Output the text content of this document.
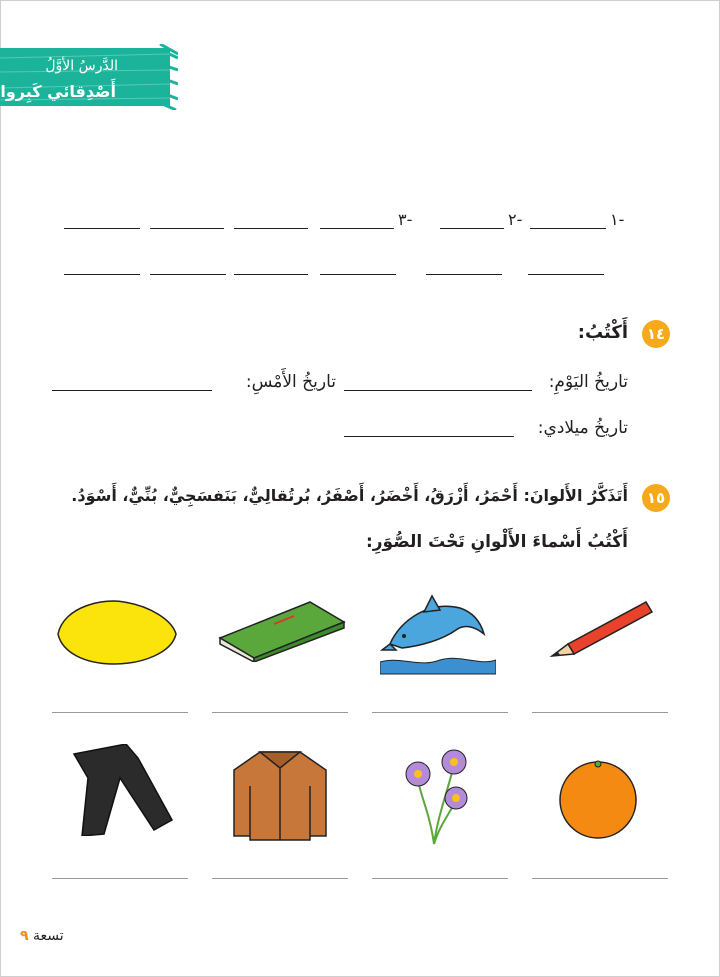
الدَّرسُ الأوَّلُ
أَصْدِقائي كَبِروا
١-
٢-
٣-
١٤
أَكْتُبُ:
تاريخُ اليَوْمِ:
تاريخُ الأَمْسِ:
تاريخُ ميلادي:
١٥
أَتَذَكَّرُ الأَلوانَ: أَحْمَرُ، أَزْرَقُ، أَخْضَرُ، أَصْفَرُ، بُرتُقالِيٌّ، بَنَفسَجِيٌّ، بُنِّيٌّ، أَسْوَدُ.
أَكْتُبُ أَسْماءَ الأَلْوانِ تَحْتَ الصُّوَرِ:
تسعة ٩
